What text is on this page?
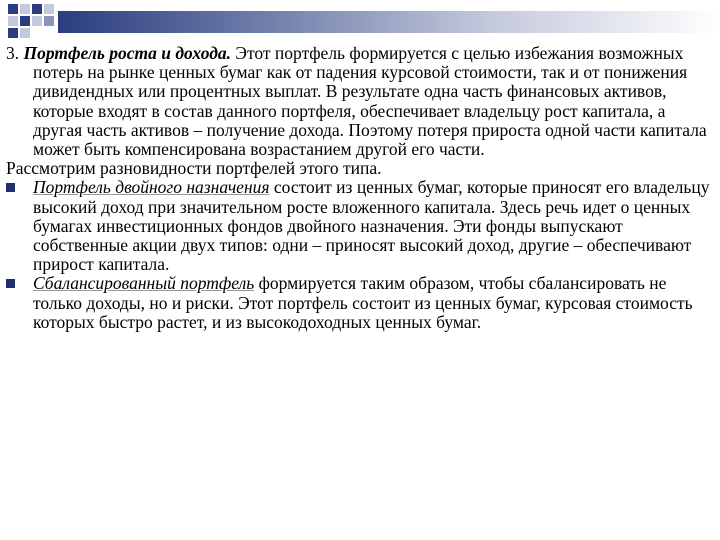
3. Портфель роста и дохода. Этот портфель формируется с целью избежания возможных потерь на рынке ценных бумаг как от падения курсовой стоимости, так и от понижения дивидендных или процентных выплат. В результате одна часть финансовых активов, которые входят в состав данного портфеля, обеспечивает владельцу рост капитала, а другая часть активов – получение дохода. Поэтому потеря прироста одной части капитала может быть компенсирована возрастанием другой его части.

Рассмотрим разновидности портфелей этого типа.

Портфель двойного назначения состоит из ценных бумаг, которые приносят его владельцу высокий доход при значительном росте вложенного капитала. Здесь речь идет о ценных бумагах инвестиционных фондов двойного назначения. Эти фонды выпускают собственные акции двух типов: одни – приносят высокий доход, другие – обеспечивают прирост капитала.
Сбалансированный портфель формируется таким образом, чтобы сбалансировать не только доходы, но и риски. Этот портфель состоит из ценных бумаг, курсовая стоимость которых быстро растет, и из высокодоходных ценных бумаг.
